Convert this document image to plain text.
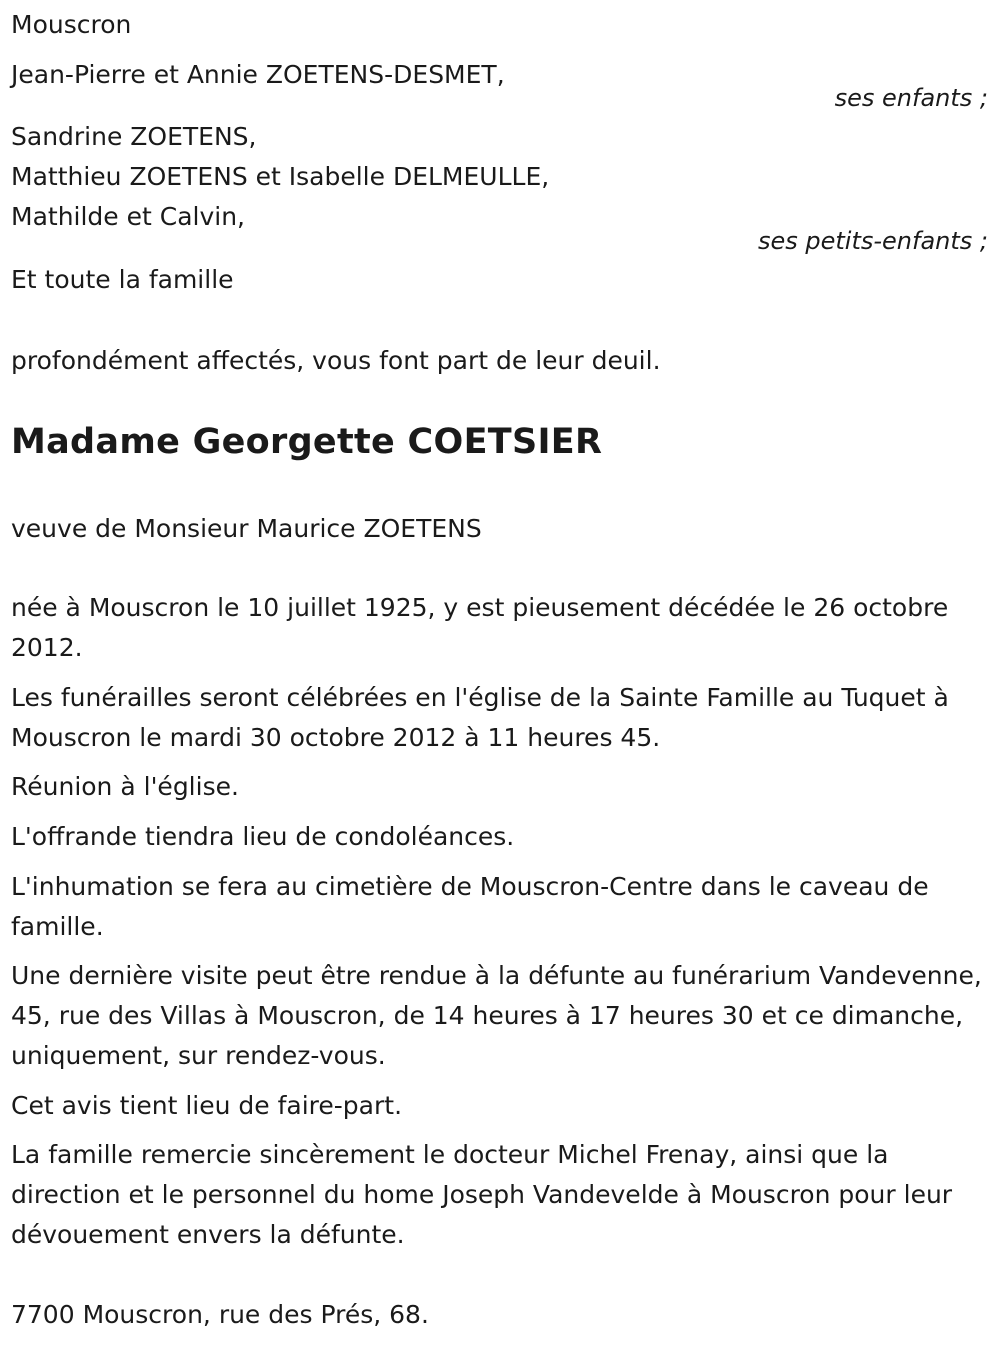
Mouscron

Jean-Pierre et Annie ZOETENS-DESMET,

ses enfants ;

Sandrine ZOETENS,

Matthieu ZOETENS et Isabelle DELMEULLE,

Mathilde et Calvin,

ses petits-enfants ;

Et toute la famille

profondément affectés, vous font part de leur deuil.

Madame Georgette COETSIER

veuve de Monsieur Maurice ZOETENS

née à Mouscron le 10 juillet 1925, y est pieusement décédée le 26 octobre 2012.

Les funérailles seront célébrées en l'église de la Sainte Famille au Tuquet à Mouscron le mardi 30 octobre 2012 à 11 heures 45.

Réunion à l'église.

L'offrande tiendra lieu de condoléances.

L'inhumation se fera au cimetière de Mouscron-Centre dans le caveau de famille.

Une dernière visite peut être rendue à la défunte au funérarium Vandevenne, 45, rue des Villas à Mouscron, de 14 heures à 17 heures 30 et ce dimanche, uniquement, sur rendez-vous.

Cet avis tient lieu de faire-part.

La famille remercie sincèrement le docteur Michel Frenay, ainsi que la direction et le personnel du home Joseph Vandevelde à Mouscron pour leur dévouement envers la défunte.

7700 Mouscron, rue des Prés, 68.
